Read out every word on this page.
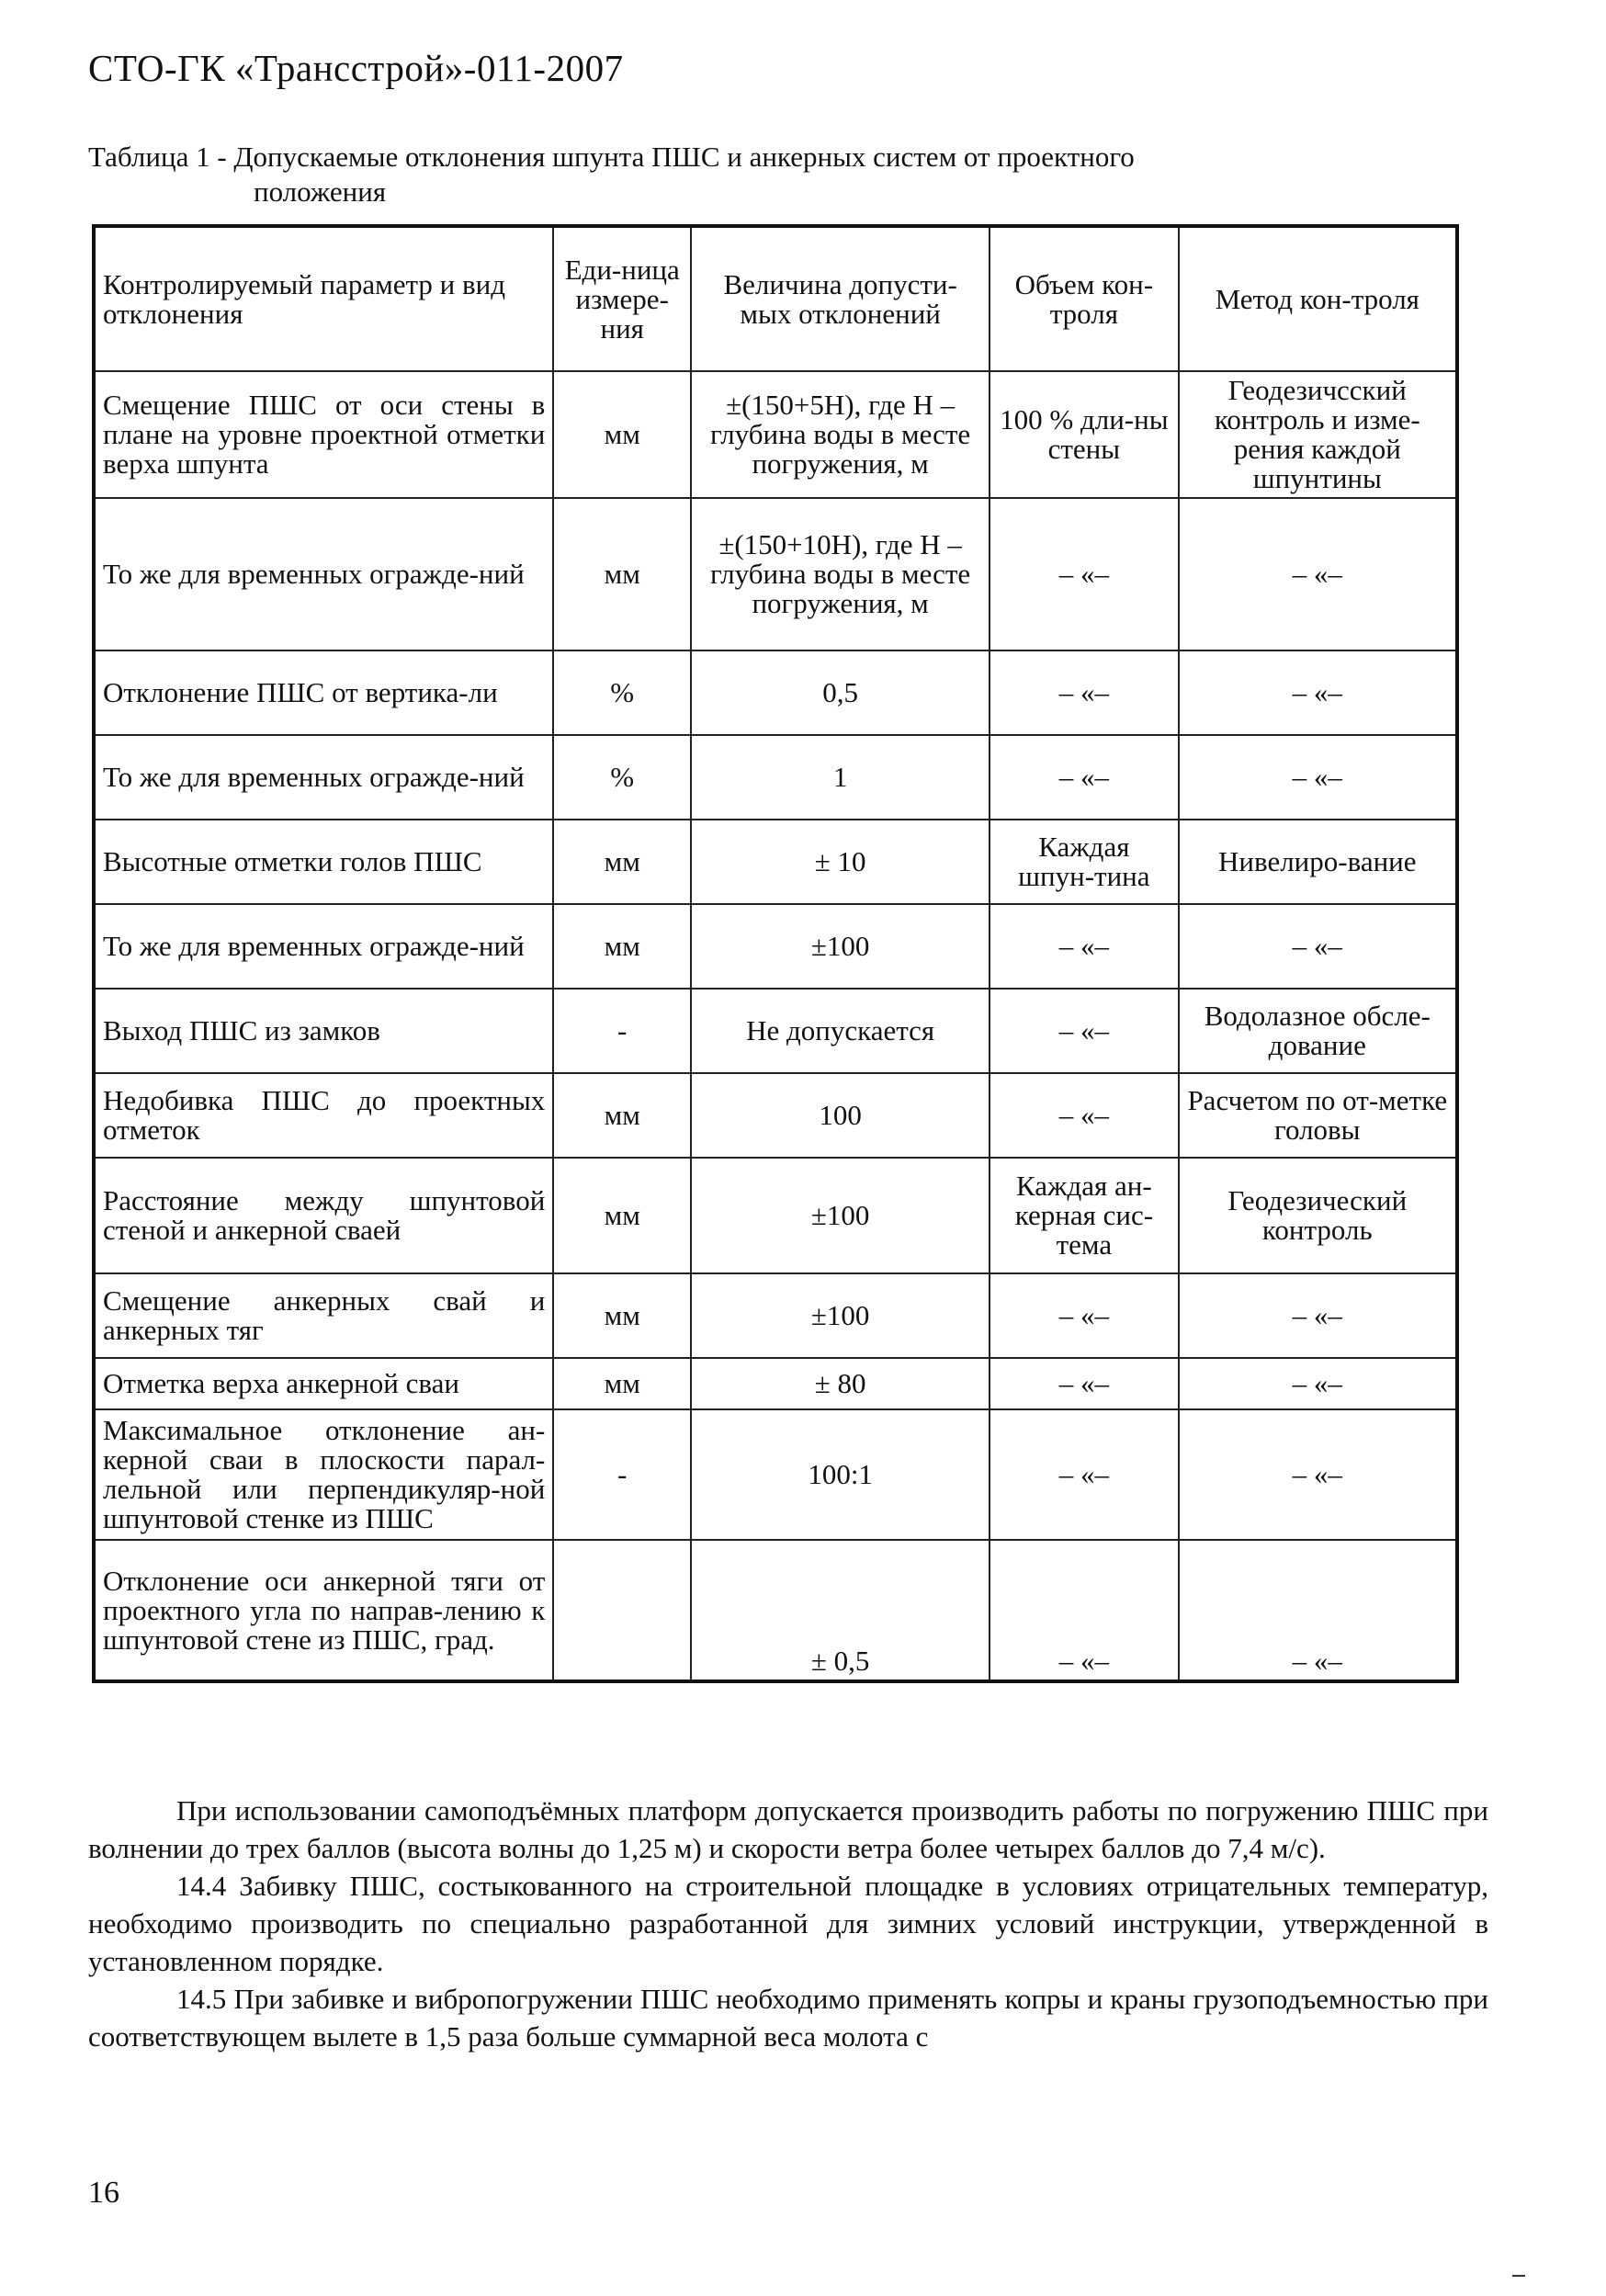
СТО-ГК «Трансстрой»-011-2007
Таблица 1 - Допускаемые отклонения шпунта ПШС и анкерных систем от проектного
положения
Контролируемый параметр и вид отклонения	Еди-ница измере-ния	Величина допусти-мых отклонений	Объем кон-троля	Метод кон-троля
Смещение ПШС от оси стены в плане на уровне проектной отметки верха шпунта	мм	±(150+5H), где H – глубина воды в месте погружения, м	100 % дли-ны стены	Геодезичсский контроль и изме-рения каждой шпунтины
То же для временных огражде-ний	мм	±(150+10H), где H – глубина воды в месте погружения, м	– «–	– «–
Отклонение ПШС от вертика-ли	%	0,5	– «–	– «–
То же для временных огражде-ний	%	1	– «–	– «–
Высотные отметки голов ПШС	мм	± 10	Каждая шпун-тина	Нивелиро-вание
То же для временных огражде-ний	мм	±100	– «–	– «–
Выход ПШС из замков	-	Не допускается	– «–	Водолазное обсле-дование
Недобивка ПШС до проектных отметок	мм	100	– «–	Расчетом по от-метке головы
Расстояние между шпунтовой стеной и анкерной сваей	мм	±100	Каждая ан-керная сис-тема	Геодезический контроль
Смещение анкерных свай и анкерных тяг	мм	±100	– «–	– «–
Отметка верха анкерной сваи	мм	± 80	– «–	– «–
Максимальное отклонение ан-керной сваи в плоскости парал-лельной или перпендикуляр-ной шпунтовой стенке из ПШС	-	100:1	– «–	– «–
Отклонение оси анкерной тяги от проектного угла по направ-лению к шпунтовой стене из ПШС, град.		± 0,5	– «–	– «–

При использовании самоподъёмных платформ допускается производить работы по погружению ПШС при волнении до трех баллов (высота волны до 1,25 м) и скорости ветра более четырех баллов до 7,4 м/с).

14.4 Забивку ПШС, состыкованного на строительной площадке в условиях отрицательных температур, необходимо производить по специально разработанной для зимних условий инструкции, утвержденной в установленном порядке.

14.5 При забивке и вибропогружении ПШС необходимо применять копры и краны грузоподъемностью при соответствующем вылете в 1,5 раза больше суммарной веса молота с

16
